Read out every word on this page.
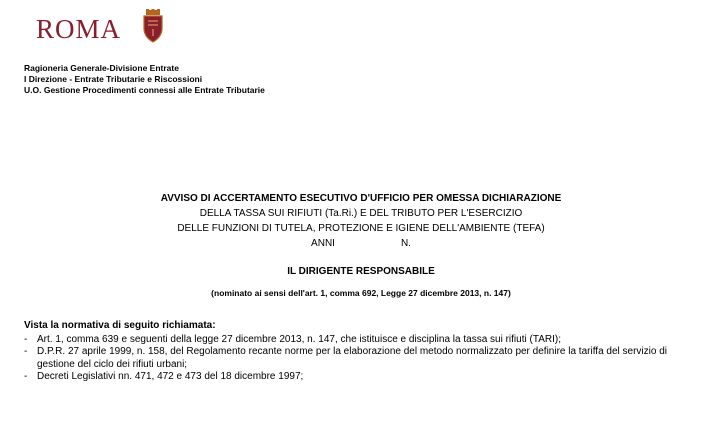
ROMA
Ragioneria Generale-Divisione Entrate
I Direzione - Entrate Tributarie e Riscossioni
U.O. Gestione Procedimenti connessi alle Entrate Tributarie
AVVISO DI ACCERTAMENTO ESECUTIVO D'UFFICIO PER OMESSA DICHIARAZIONE
DELLA TASSA SUI RIFIUTI (Ta.Ri.) E DEL TRIBUTO PER L'ESERCIZIO
DELLE FUNZIONI DI TUTELA, PROTEZIONE E IGIENE DELL'AMBIENTE (TEFA)
ANNI	N.
IL DIRIGENTE RESPONSABILE
(nominato ai sensi dell'art. 1, comma 692, Legge 27 dicembre 2013, n. 147)
Vista la normativa di seguito richiamata:
- Art. 1, comma 639 e seguenti della legge 27 dicembre 2013, n. 147, che istituisce e disciplina la tassa sui rifiuti (TARI);
- D.P.R. 27 aprile 1999, n. 158, del Regolamento recante norme per la elaborazione del metodo normalizzato per definire la tariffa del servizio di gestione del ciclo dei rifiuti urbani;
- Decreti Legislativi nn. 471, 472 e 473 del 18 dicembre 1997;
